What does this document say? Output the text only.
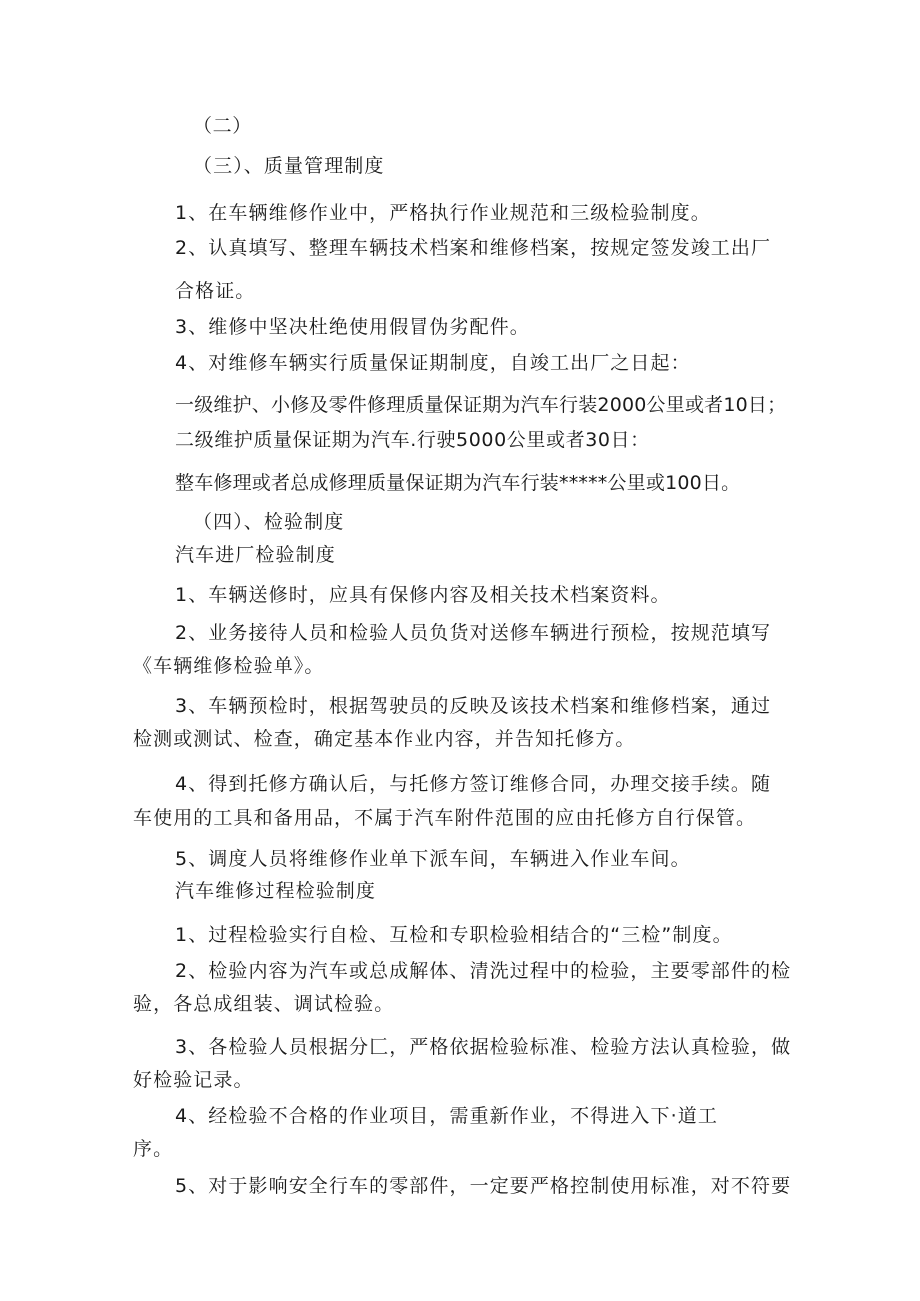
（二）

（三）、质量管理制度

1、在车辆维修作业中，严格执行作业规范和三级检验制度。

2、认真填写、整理车辆技术档案和维修档案，按规定签发竣工出厂

合格证。

3、维修中坚决杜绝使用假冒伪劣配件。

4、对维修车辆实行质量保证期制度，自竣工出厂之日起：

一级维护、小修及零件修理质量保证期为汽车行装2000公里或者10日；

二级维护质量保证期为汽车.行驶5000公里或者30日：

整车修理或者总成修理质量保证期为汽车行装*****公里或100日。

（四）、检验制度

汽车进厂检验制度

1、车辆送修时，应具有保修内容及相关技术档案资料。

2、业务接待人员和检验人员负货对送修车辆进行预检，按规范填写

《车辆维修检验单》。

3、车辆预检时，根据驾驶员的反映及该技术档案和维修档案，通过

检测或测试、检查，确定基本作业内容，并告知托修方。

4、得到托修方确认后，与托修方签订维修合同，办理交接手续。随

车使用的工具和备用品，不属于汽车附件范围的应由托修方自行保管。

5、调度人员将维修作业单下派车间，车辆进入作业车间。

汽车维修过程检验制度

1、过程检验实行自检、互检和专职检验相结合的“三检”制度。

2、检验内容为汽车或总成解体、清洗过程中的检验，主要零部件的检

验，各总成组装、调试检验。

3、各检验人员根据分匚，严格依据检验标准、检验方法认真检验，做

好检验记录。

4、经检验不合格的作业项目，需重新作业，不得进入下·道工

序。

5、对于影响安全行车的零部件，一定要严格控制使用标准，对不符要
